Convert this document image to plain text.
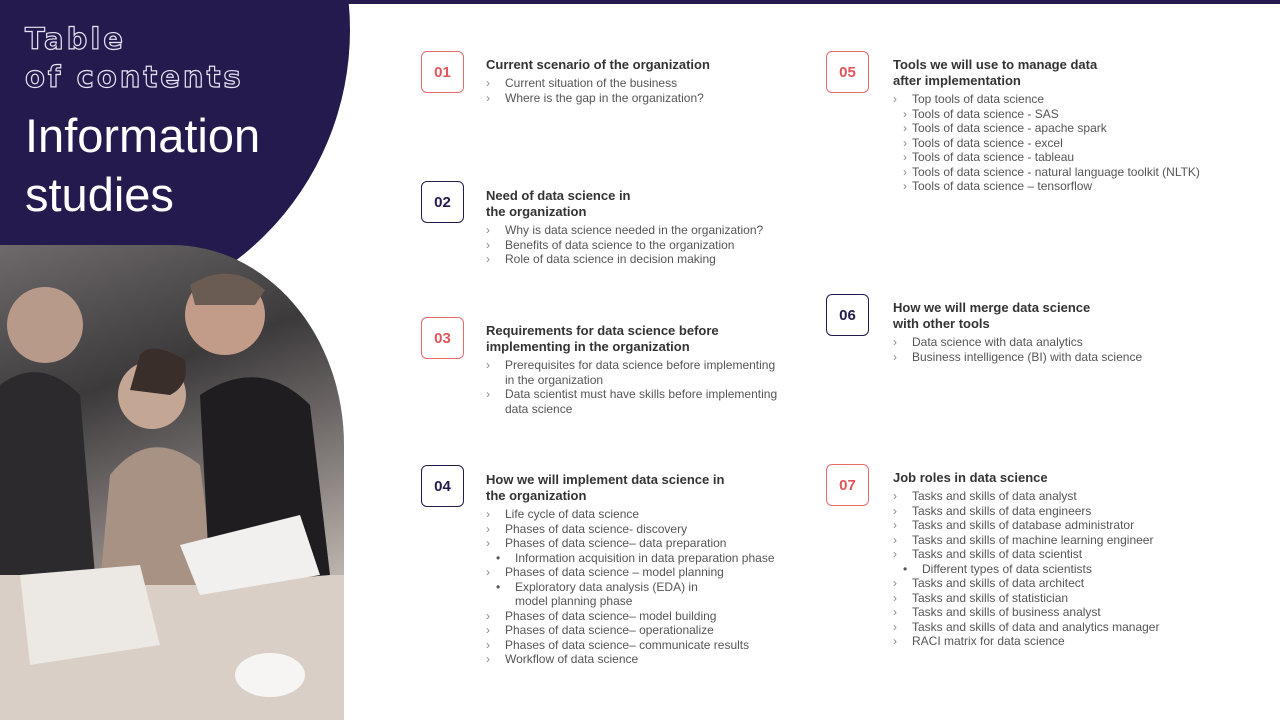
Table
of contents
Information
studies
01
02
03
04
05
06
07
Current scenario of the organization
› Current situation of the business
› Where is the gap in the organization?
Need of data science in
the organization
› Why is data science needed in the organization?
› Benefits of data science to the organization
› Role of data science in decision making
Requirements for data science before
implementing in the organization
› Prerequisites for data science before implementing in the organization
› Data scientist must have skills before implementing data science
How we will implement data science in
the organization
› Life cycle of data science
› Phases of data science- discovery
› Phases of data science– data preparation
• Information acquisition in data preparation phase
› Phases of data science – model planning
• Exploratory data analysis (EDA) in model planning phase
› Phases of data science– model building
› Phases of data science– operationalize
› Phases of data science– communicate results
› Workflow of data science
Tools we will use to manage data
after implementation
› Top tools of data science
› Tools of data science - SAS
› Tools of data science - apache spark
› Tools of data science - excel
› Tools of data science - tableau
› Tools of data science - natural language toolkit (NLTK)
› Tools of data science – tensorflow
How we will merge data science
with other tools
› Data science with data analytics
› Business intelligence (BI) with data science
Job roles in data science
› Tasks and skills of data analyst
› Tasks and skills of data engineers
› Tasks and skills of database administrator
› Tasks and skills of machine learning engineer
› Tasks and skills of data scientist
• Different types of data scientists
› Tasks and skills of data architect
› Tasks and skills of statistician
› Tasks and skills of business analyst
› Tasks and skills of data and analytics manager
› RACI matrix for data science
